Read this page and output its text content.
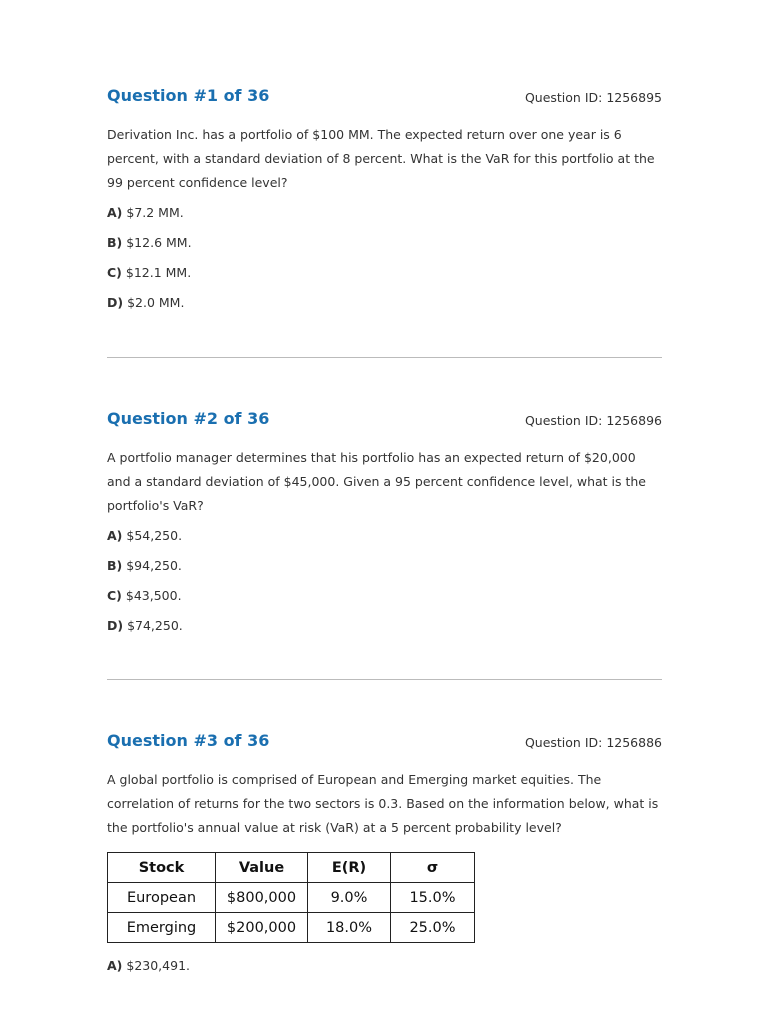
Question #1 of 36	Question ID: 1256895
Derivation Inc. has a portfolio of $100 MM. The expected return over one year is 6 percent, with a standard deviation of 8 percent. What is the VaR for this portfolio at the 99 percent confidence level?
A) $7.2 MM.
B) $12.6 MM.
C) $12.1 MM.
D) $2.0 MM.
Question #2 of 36	Question ID: 1256896
A portfolio manager determines that his portfolio has an expected return of $20,000 and a standard deviation of $45,000. Given a 95 percent confidence level, what is the portfolio's VaR?
A) $54,250.
B) $94,250.
C) $43,500.
D) $74,250.
Question #3 of 36	Question ID: 1256886
A global portfolio is comprised of European and Emerging market equities. The correlation of returns for the two sectors is 0.3. Based on the information below, what is the portfolio's annual value at risk (VaR) at a 5 percent probability level?
Stock	Value	E(R)	σ
European	$800,000	9.0%	15.0%
Emerging	$200,000	18.0%	25.0%
A) $230,491.
